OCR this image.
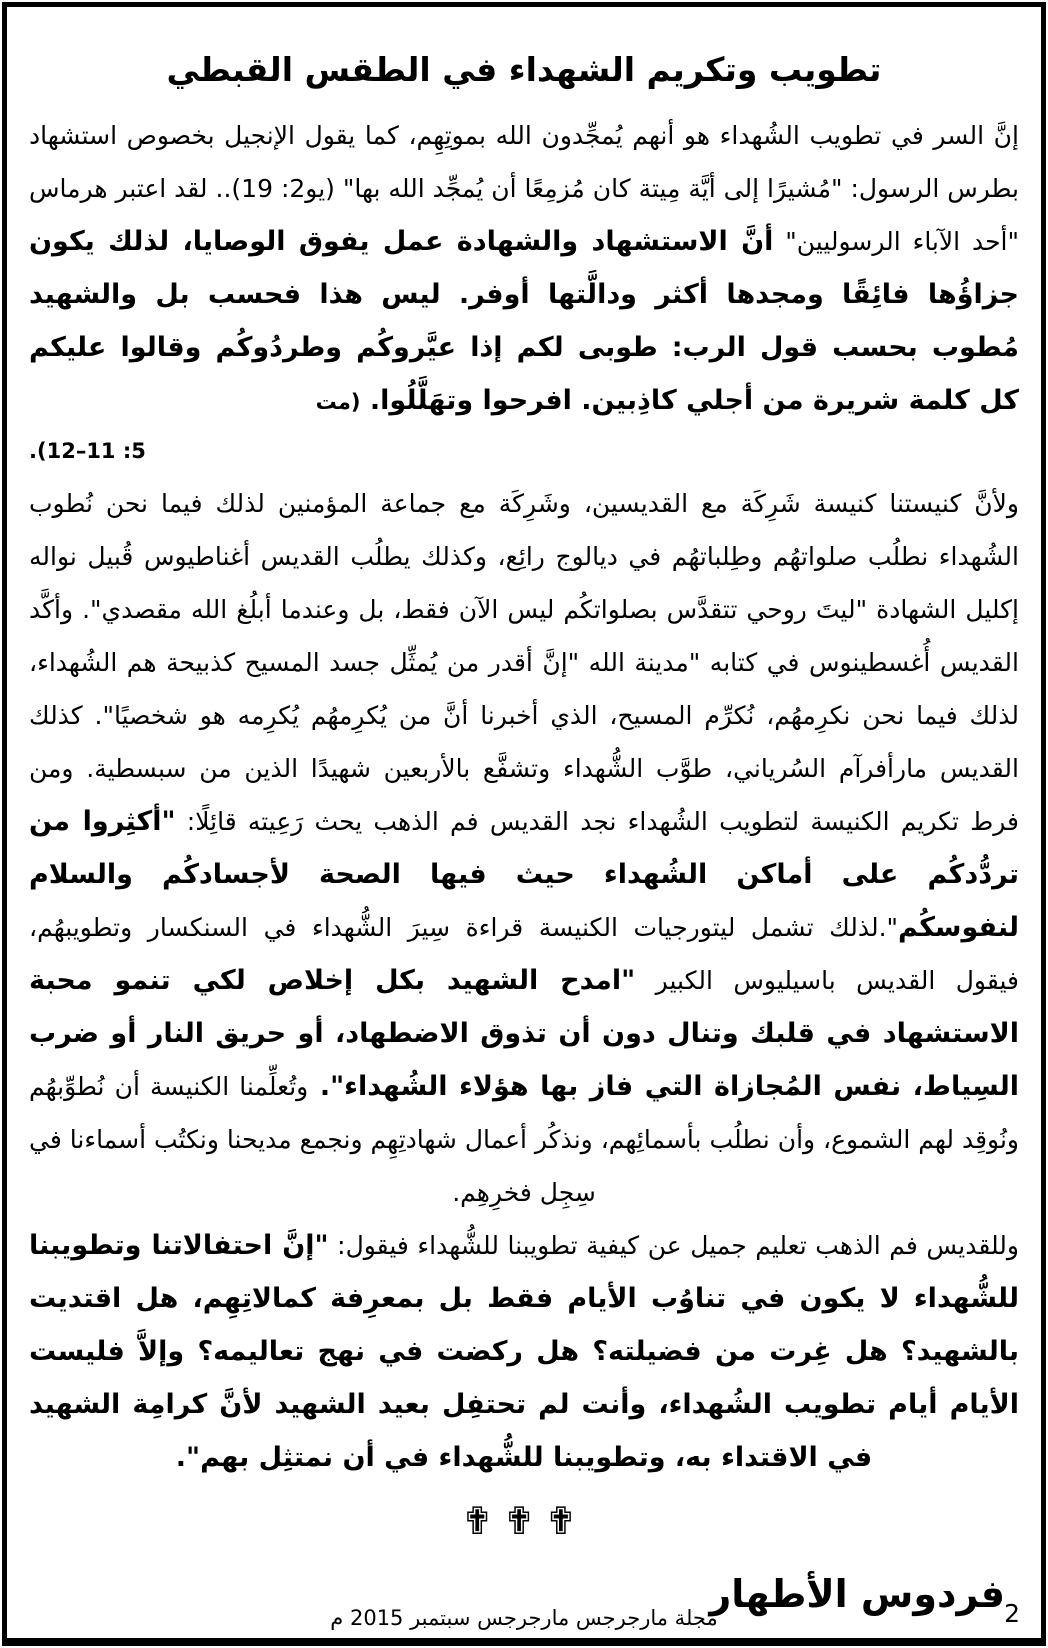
تطويب وتكريم الشهداء في الطقس القبطي

إنَّ السر في تطويب الشُهداء هو أنهم يُمجِّدون الله بموتِهِم، كما يقول الإنجيل بخصوص استشهاد بطرس الرسول: "مُشيرًا إلى أيَّة مِيتة كان مُزمِعًا أن يُمجِّد الله بها" (يو2: 19).. لقد اعتبر هرماس "أحد الآباء الرسوليين" أنَّ الاستشهاد والشهادة عمل يفوق الوصايا، لذلك يكون جزاؤُها فائِقًا ومجدها أكثر ودالَّتها أوفر. ليس هذا فحسب بل والشهيد مُطوب بحسب قول الرب: طوبى لكم إذا عيَّروكُم وطردُوكُم وقالوا عليكم كل كلمة شريرة من أجلي كاذِبين. افرحوا وتهَلَّلُوا. (مت

5: 11–12).

ولأنَّ كنيستنا كنيسة شَرِكَة مع القديسين، وشَرِكَة مع جماعة المؤمنين لذلك فيما نحن نُطوب الشُهداء نطلُب صلواتهُم وطِلباتهُم في ديالوج رائِع، وكذلك يطلُب القديس أغناطيوس قُبيل نواله إكليل الشهادة "ليتَ روحي تتقدَّس بصلواتكُم ليس الآن فقط، بل وعندما أبلُغ الله مقصدي". وأكَّد القديس أُغسطينوس في كتابه "مدينة الله "إنَّ أقدر من يُمثِّل جسد المسيح كذبيحة هم الشُهداء، لذلك فيما نحن نكرِمهُم، نُكرِّم المسيح، الذي أخبرنا أنَّ من يُكرِمهُم يُكرِمه هو شخصيًا". كذلك القديس مارأفرآم السُرياني، طوَّب الشُّهداء وتشفَّع بالأربعين شهيدًا الذين من سبسطية. ومن فرط تكريم الكنيسة لتطويب الشُهداء نجد القديس فم الذهب يحث رَعِيته قائِلًا: "أكثِروا من تردُّدكُم على أماكن الشُهداء حيث فيها الصحة لأجسادكُم والسلام لنفوسكُم".لذلك تشمل ليتورجيات الكنيسة قراءة سِيرَ الشُّهداء في السنكسار وتطويبهُم، فيقول القديس باسيليوس الكبير "امدح الشهيد بكل إخلاص لكي تنمو محبة الاستشهاد في قلبك وتنال دون أن تذوق الاضطهاد، أو حريق النار أو ضرب السِياط، نفس المُجازاة التي فاز بها هؤلاء الشُهداء". وتُعلِّمنا الكنيسة أن نُطوِّبهُم ونُوقِد لهم الشموع، وأن نطلُب بأسمائِهم، ونذكُر أعمال شهادتِهِم ونجمع مديحنا ونكتُب أسماءنا في سِجِل فخرِهِم.

وللقديس فم الذهب تعليم جميل عن كيفية تطويبنا للشُّهداء فيقول: "إنَّ احتفالاتنا وتطويبنا للشُّهداء لا يكون في تناوُب الأيام فقط بل بمعرِفة كمالاتِهِم، هل اقتديت بالشهيد؟ هل غِرت من فضيلته؟ هل ركضت في نهج تعاليمه؟ وإلاَّ فليست الأيام أيام تطويب الشُهداء، وأنت لم تحتفِل بعيد الشهيد لأنَّ كرامِة الشهيد في الاقتداء به، وتطويبنا للشُّهداء في أن نمتثِل بهم".

✟✟✟
فردوس الأطهار
مجلة مارجرجس مارجرجس سبتمبر 2015 م	2
